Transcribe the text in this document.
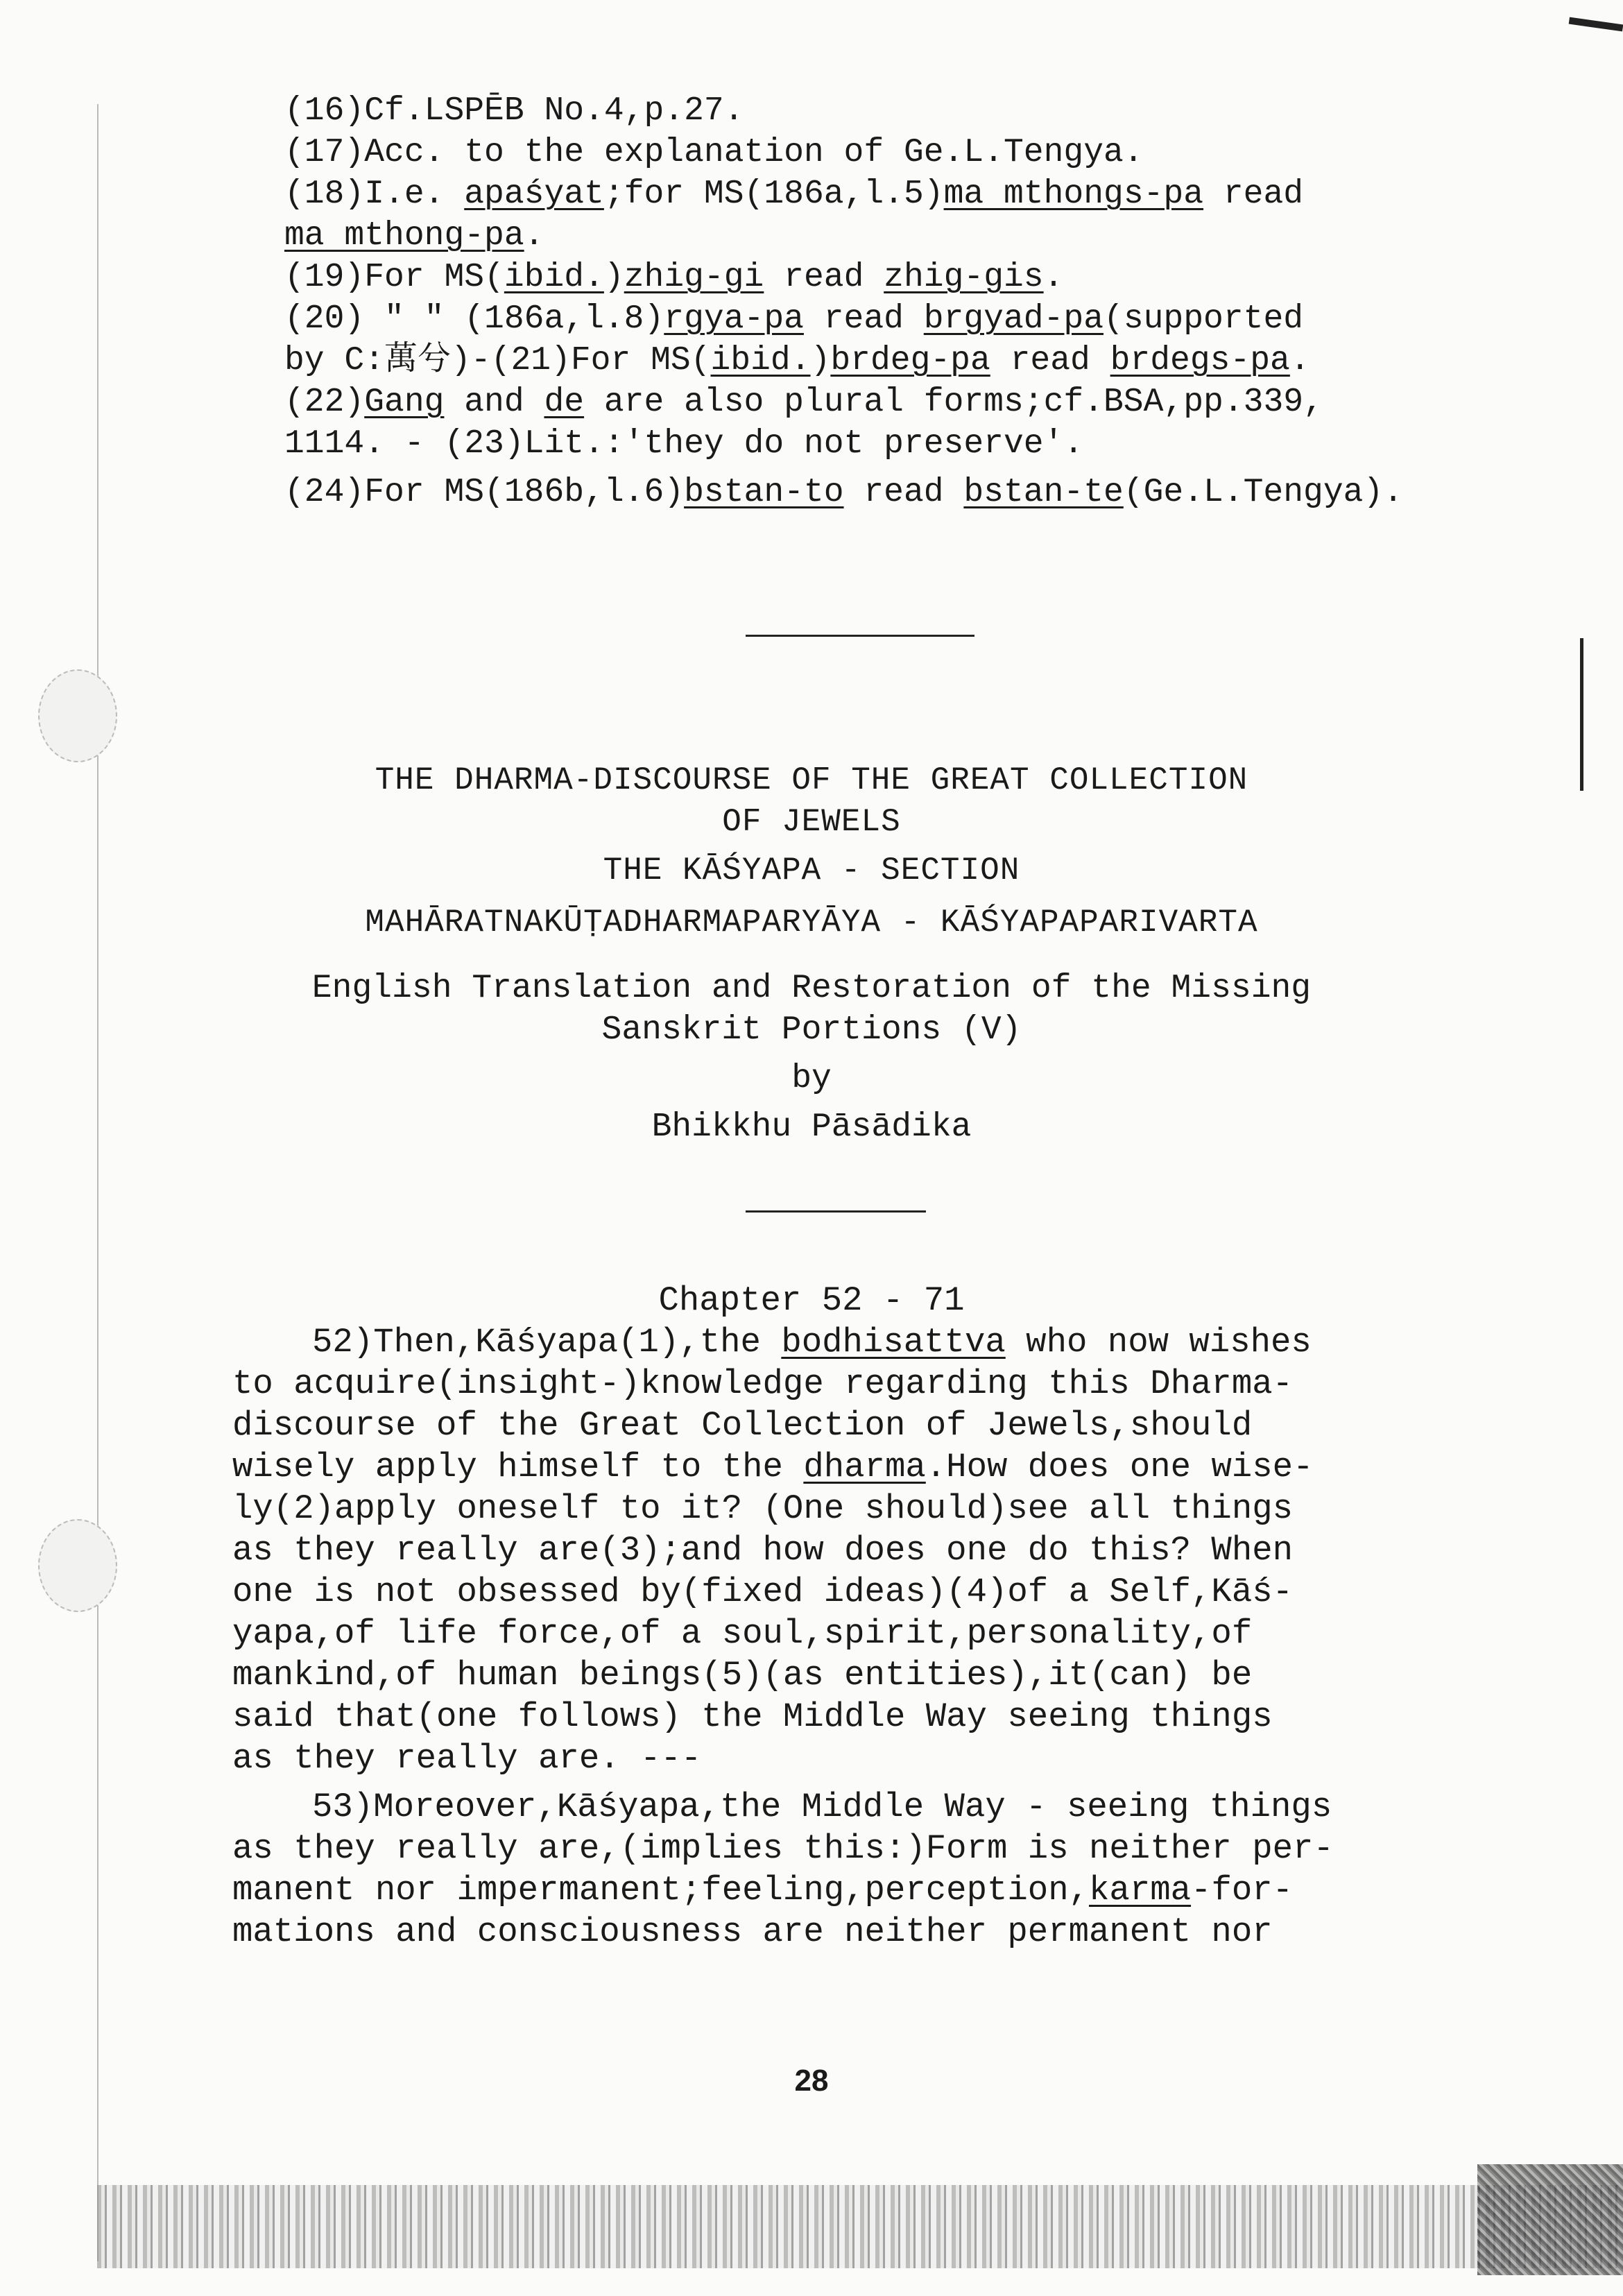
(16)Cf.LSPĒB No.4,p.27.
(17)Acc. to the explanation of Ge.L.Tengya.
(18)I.e. apaśyat;for MS(186a,l.5)ma mthongs-pa read
ma mthong-pa.
(19)For MS(ibid.)zhig-gi read zhig-gis.
(20) " " (186a,l.8)rgya-pa read brgyad-pa(supported
by C:萬兮)-(21)For MS(ibid.)brdeg-pa read brdegs-pa.
(22)Gang and de are also plural forms;cf.BSA,pp.339,
1114. - (23)Lit.:'they do not preserve'.
(24)For MS(186b,l.6)bstan-to read bstan-te(Ge.L.Tengya).
THE DHARMA-DISCOURSE OF THE GREAT COLLECTION
OF JEWELS
THE KĀŚYAPA - SECTION
MAHĀRATNAKŪṬADHARMAPARYĀYA - KĀŚYAPAPARIVARTA
English Translation and Restoration of the Missing
Sanskrit Portions (V)
by
Bhikkhu Pāsādika
Chapter 52 - 71
52)Then,Kāśyapa(1),the bodhisattva who now wishes
to acquire(insight-)knowledge regarding this Dharma-
discourse of the Great Collection of Jewels,should
wisely apply himself to the dharma.How does one wise-
ly(2)apply oneself to it? (One should)see all things
as they really are(3);and how does one do this? When
one is not obsessed by(fixed ideas)(4)of a Self,Kāś-
yapa,of life force,of a soul,spirit,personality,of
mankind,of human beings(5)(as entities),it(can) be
said that(one follows) the Middle Way seeing things
as they really are. ---
53)Moreover,Kāśyapa,the Middle Way - seeing things
as they really are,(implies this:)Form is neither per-
manent nor impermanent;feeling,perception,karma-for-
mations and consciousness are neither permanent nor
28
